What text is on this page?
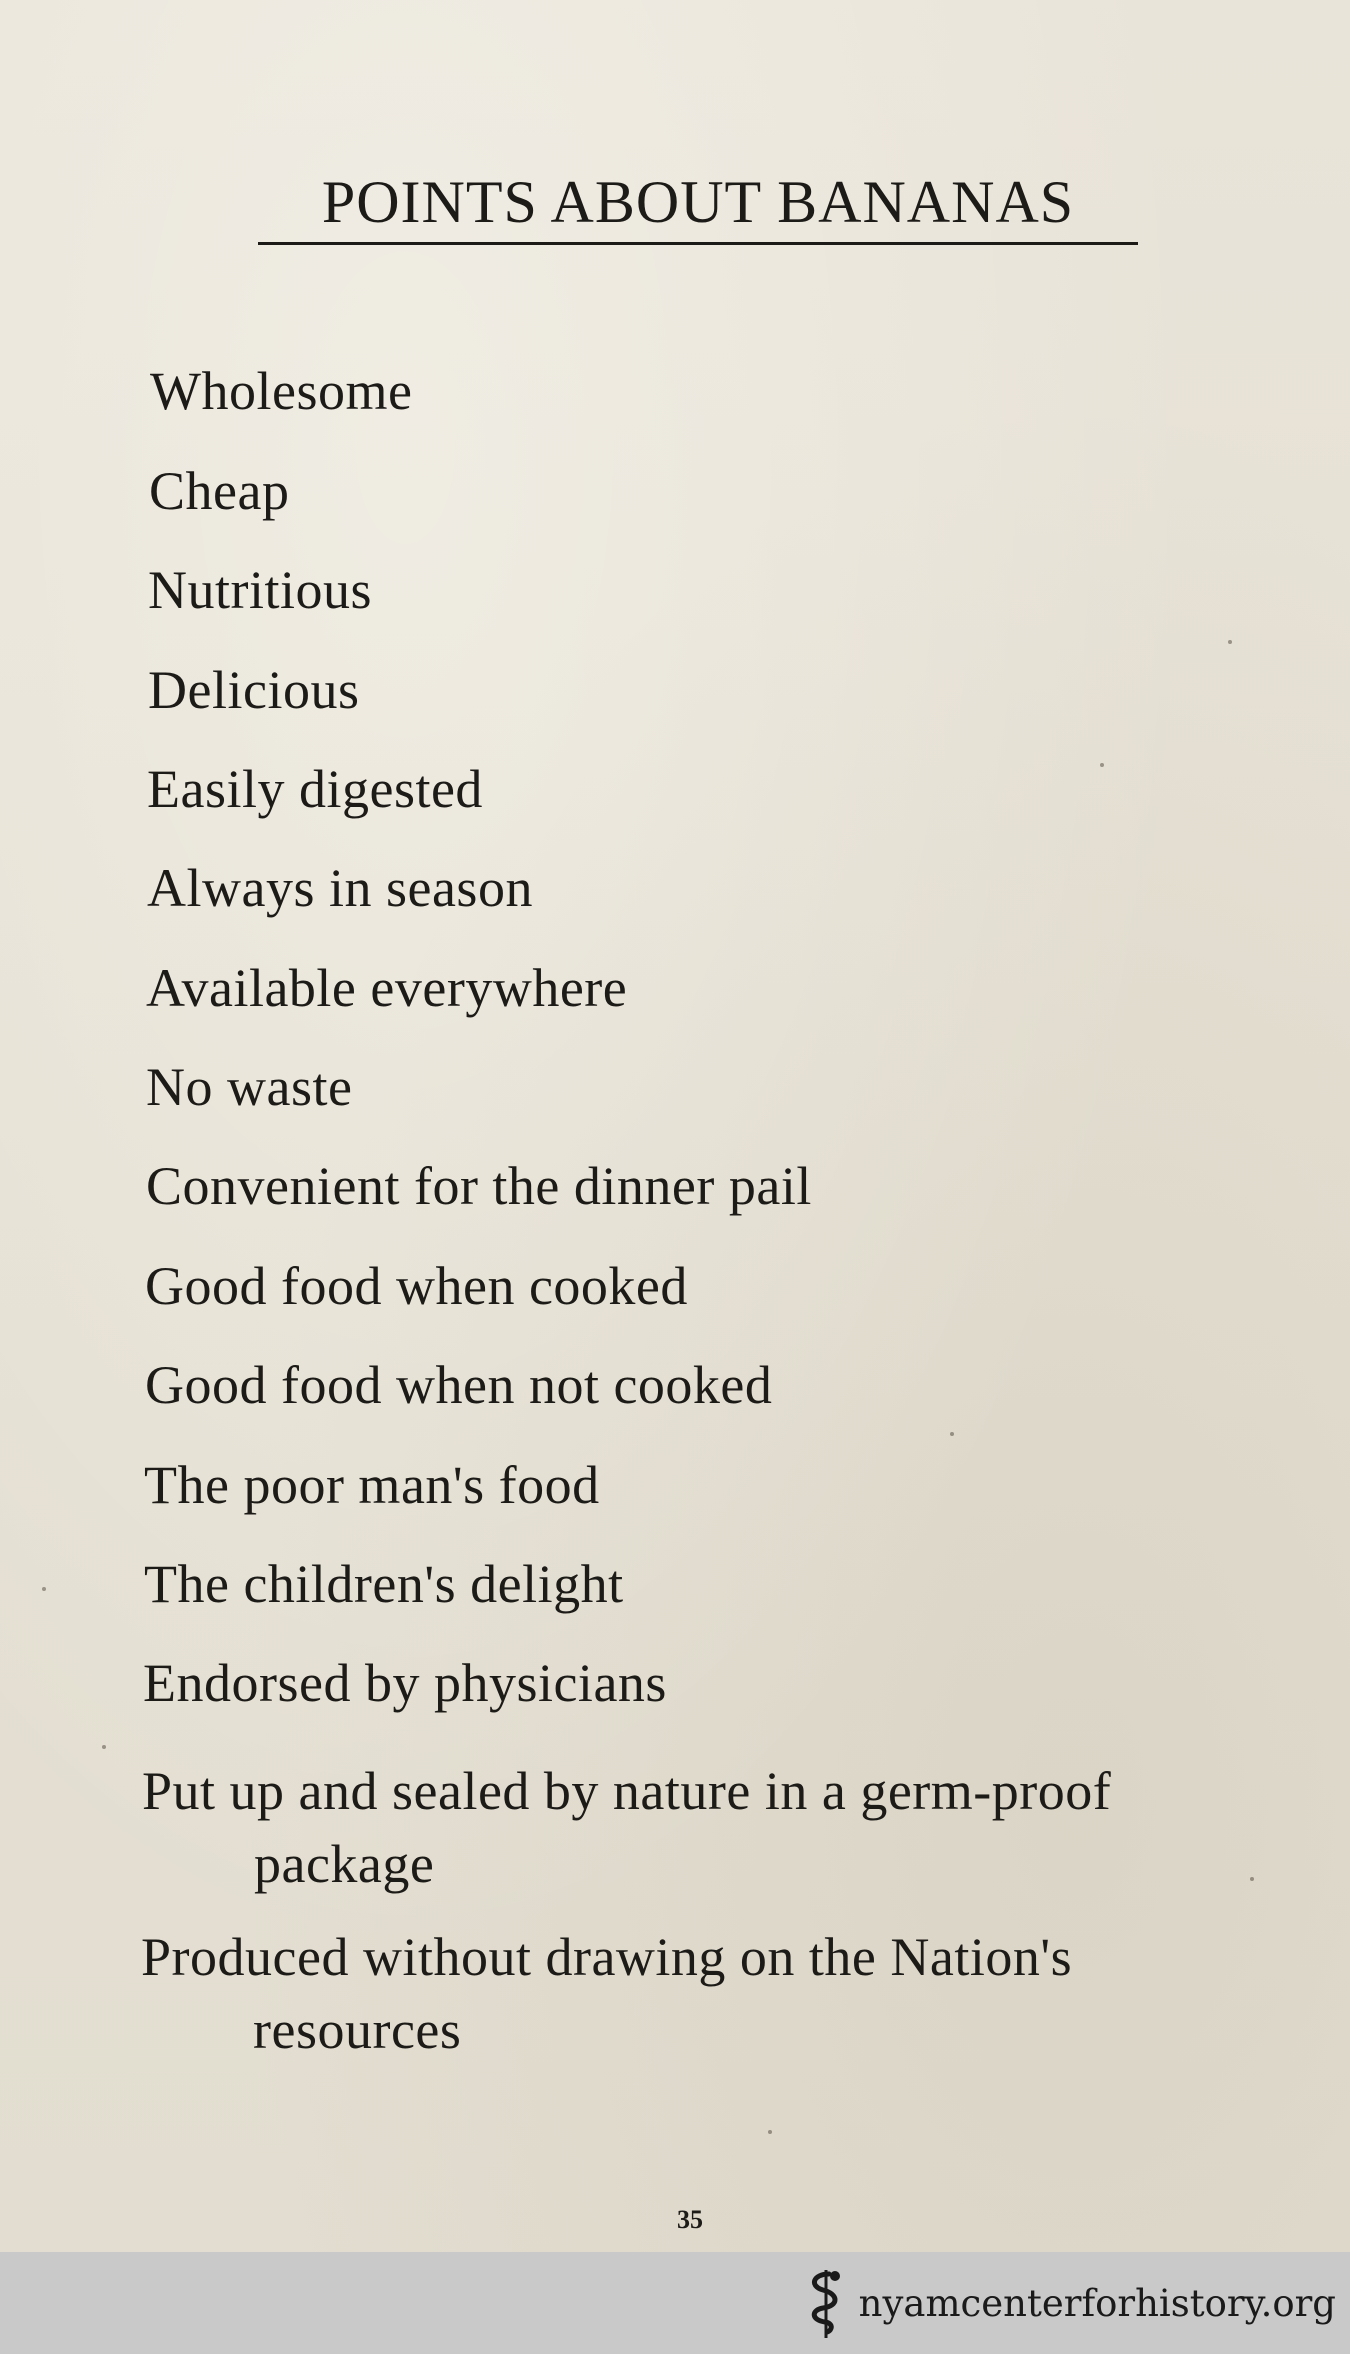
POINTS ABOUT BANANAS
Wholesome
Cheap
Nutritious
Delicious
Easily digested
Always in season
Available everywhere
No waste
Convenient for the dinner pail
Good food when cooked
Good food when not cooked
The poor man's food
The children's delight
Endorsed by physicians
Put up and sealed by nature in a germ-proof
package
Produced without drawing on the Nation's
resources
35
nyamcenterforhistory.org
